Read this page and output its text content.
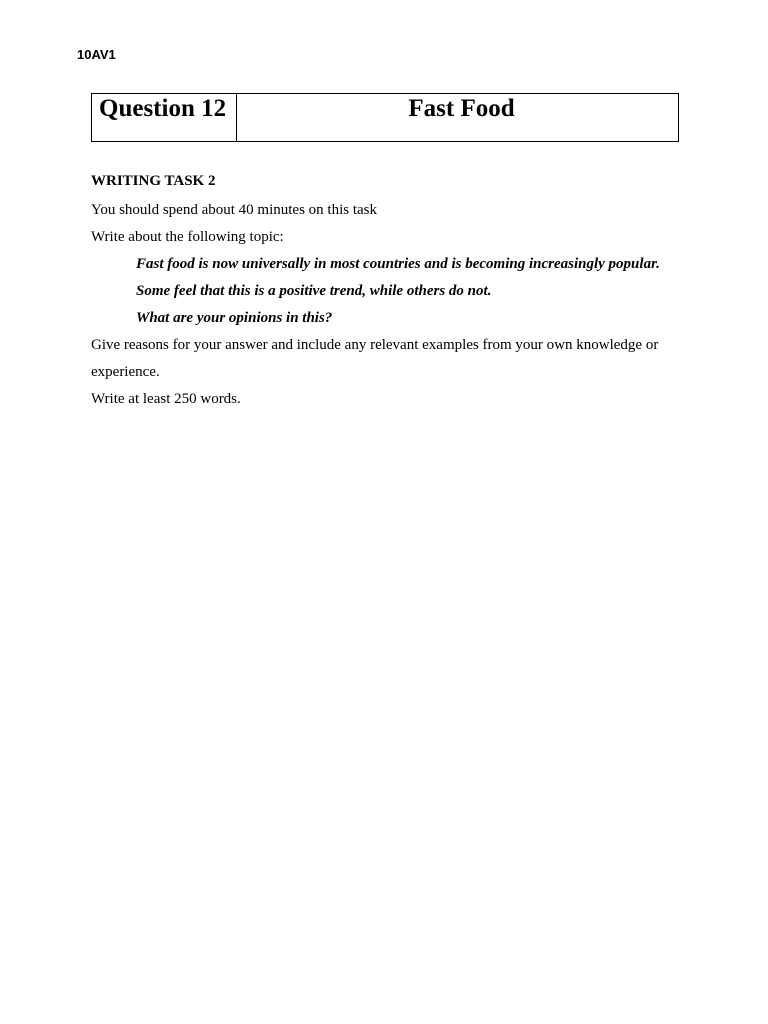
10AV1
Question 12	Fast Food
WRITING TASK 2
You should spend about 40 minutes on this task
Write about the following topic:
Fast food is now universally in most countries and is becoming increasingly popular.
Some feel that this is a positive trend, while others do not.
What are your opinions in this?
Give reasons for your answer and include any relevant examples from your own knowledge or
experience.
Write at least 250 words.
